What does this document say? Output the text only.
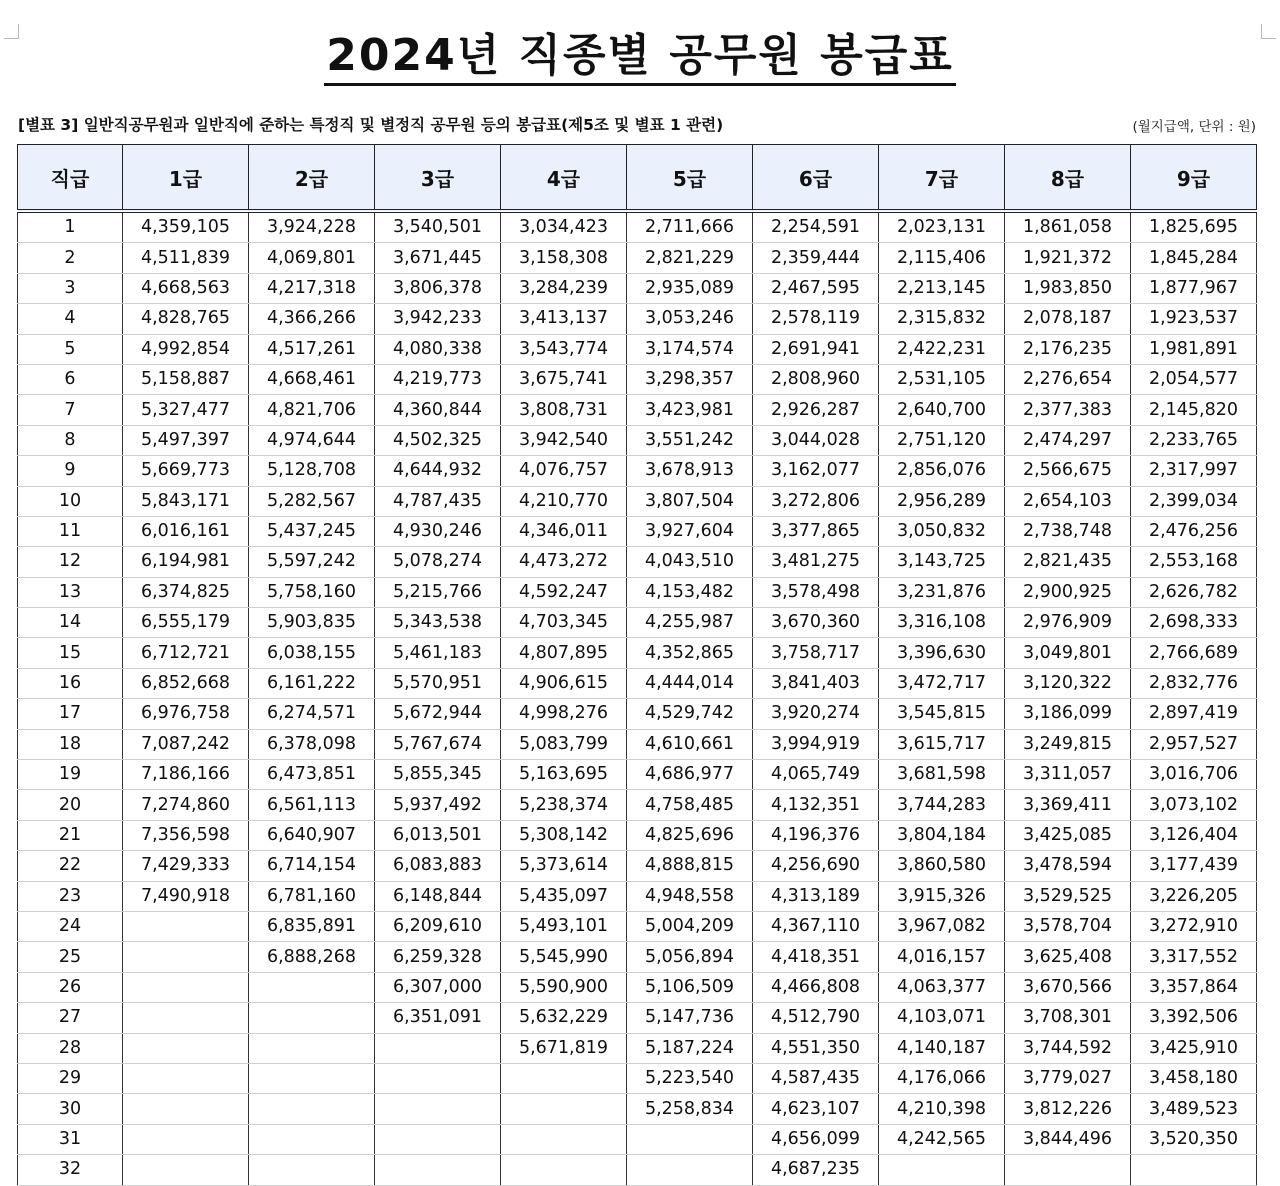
2024년 직종별 공무원 봉급표
[별표 3] 일반직공무원과 일반직에 준하는 특정직 및 별정직 공무원 등의 봉급표(제5조 및 별표 1 관련)	(월지급액, 단위 : 원)
직급	1급	2급	3급	4급	5급	6급	7급	8급	9급
1	4,359,105	3,924,228	3,540,501	3,034,423	2,711,666	2,254,591	2,023,131	1,861,058	1,825,695
2	4,511,839	4,069,801	3,671,445	3,158,308	2,821,229	2,359,444	2,115,406	1,921,372	1,845,284
3	4,668,563	4,217,318	3,806,378	3,284,239	2,935,089	2,467,595	2,213,145	1,983,850	1,877,967
4	4,828,765	4,366,266	3,942,233	3,413,137	3,053,246	2,578,119	2,315,832	2,078,187	1,923,537
5	4,992,854	4,517,261	4,080,338	3,543,774	3,174,574	2,691,941	2,422,231	2,176,235	1,981,891
6	5,158,887	4,668,461	4,219,773	3,675,741	3,298,357	2,808,960	2,531,105	2,276,654	2,054,577
7	5,327,477	4,821,706	4,360,844	3,808,731	3,423,981	2,926,287	2,640,700	2,377,383	2,145,820
8	5,497,397	4,974,644	4,502,325	3,942,540	3,551,242	3,044,028	2,751,120	2,474,297	2,233,765
9	5,669,773	5,128,708	4,644,932	4,076,757	3,678,913	3,162,077	2,856,076	2,566,675	2,317,997
10	5,843,171	5,282,567	4,787,435	4,210,770	3,807,504	3,272,806	2,956,289	2,654,103	2,399,034
11	6,016,161	5,437,245	4,930,246	4,346,011	3,927,604	3,377,865	3,050,832	2,738,748	2,476,256
12	6,194,981	5,597,242	5,078,274	4,473,272	4,043,510	3,481,275	3,143,725	2,821,435	2,553,168
13	6,374,825	5,758,160	5,215,766	4,592,247	4,153,482	3,578,498	3,231,876	2,900,925	2,626,782
14	6,555,179	5,903,835	5,343,538	4,703,345	4,255,987	3,670,360	3,316,108	2,976,909	2,698,333
15	6,712,721	6,038,155	5,461,183	4,807,895	4,352,865	3,758,717	3,396,630	3,049,801	2,766,689
16	6,852,668	6,161,222	5,570,951	4,906,615	4,444,014	3,841,403	3,472,717	3,120,322	2,832,776
17	6,976,758	6,274,571	5,672,944	4,998,276	4,529,742	3,920,274	3,545,815	3,186,099	2,897,419
18	7,087,242	6,378,098	5,767,674	5,083,799	4,610,661	3,994,919	3,615,717	3,249,815	2,957,527
19	7,186,166	6,473,851	5,855,345	5,163,695	4,686,977	4,065,749	3,681,598	3,311,057	3,016,706
20	7,274,860	6,561,113	5,937,492	5,238,374	4,758,485	4,132,351	3,744,283	3,369,411	3,073,102
21	7,356,598	6,640,907	6,013,501	5,308,142	4,825,696	4,196,376	3,804,184	3,425,085	3,126,404
22	7,429,333	6,714,154	6,083,883	5,373,614	4,888,815	4,256,690	3,860,580	3,478,594	3,177,439
23	7,490,918	6,781,160	6,148,844	5,435,097	4,948,558	4,313,189	3,915,326	3,529,525	3,226,205
24		6,835,891	6,209,610	5,493,101	5,004,209	4,367,110	3,967,082	3,578,704	3,272,910
25		6,888,268	6,259,328	5,545,990	5,056,894	4,418,351	4,016,157	3,625,408	3,317,552
26			6,307,000	5,590,900	5,106,509	4,466,808	4,063,377	3,670,566	3,357,864
27			6,351,091	5,632,229	5,147,736	4,512,790	4,103,071	3,708,301	3,392,506
28				5,671,819	5,187,224	4,551,350	4,140,187	3,744,592	3,425,910
29					5,223,540	4,587,435	4,176,066	3,779,027	3,458,180
30					5,258,834	4,623,107	4,210,398	3,812,226	3,489,523
31						4,656,099	4,242,565	3,844,496	3,520,350
32						4,687,235			
